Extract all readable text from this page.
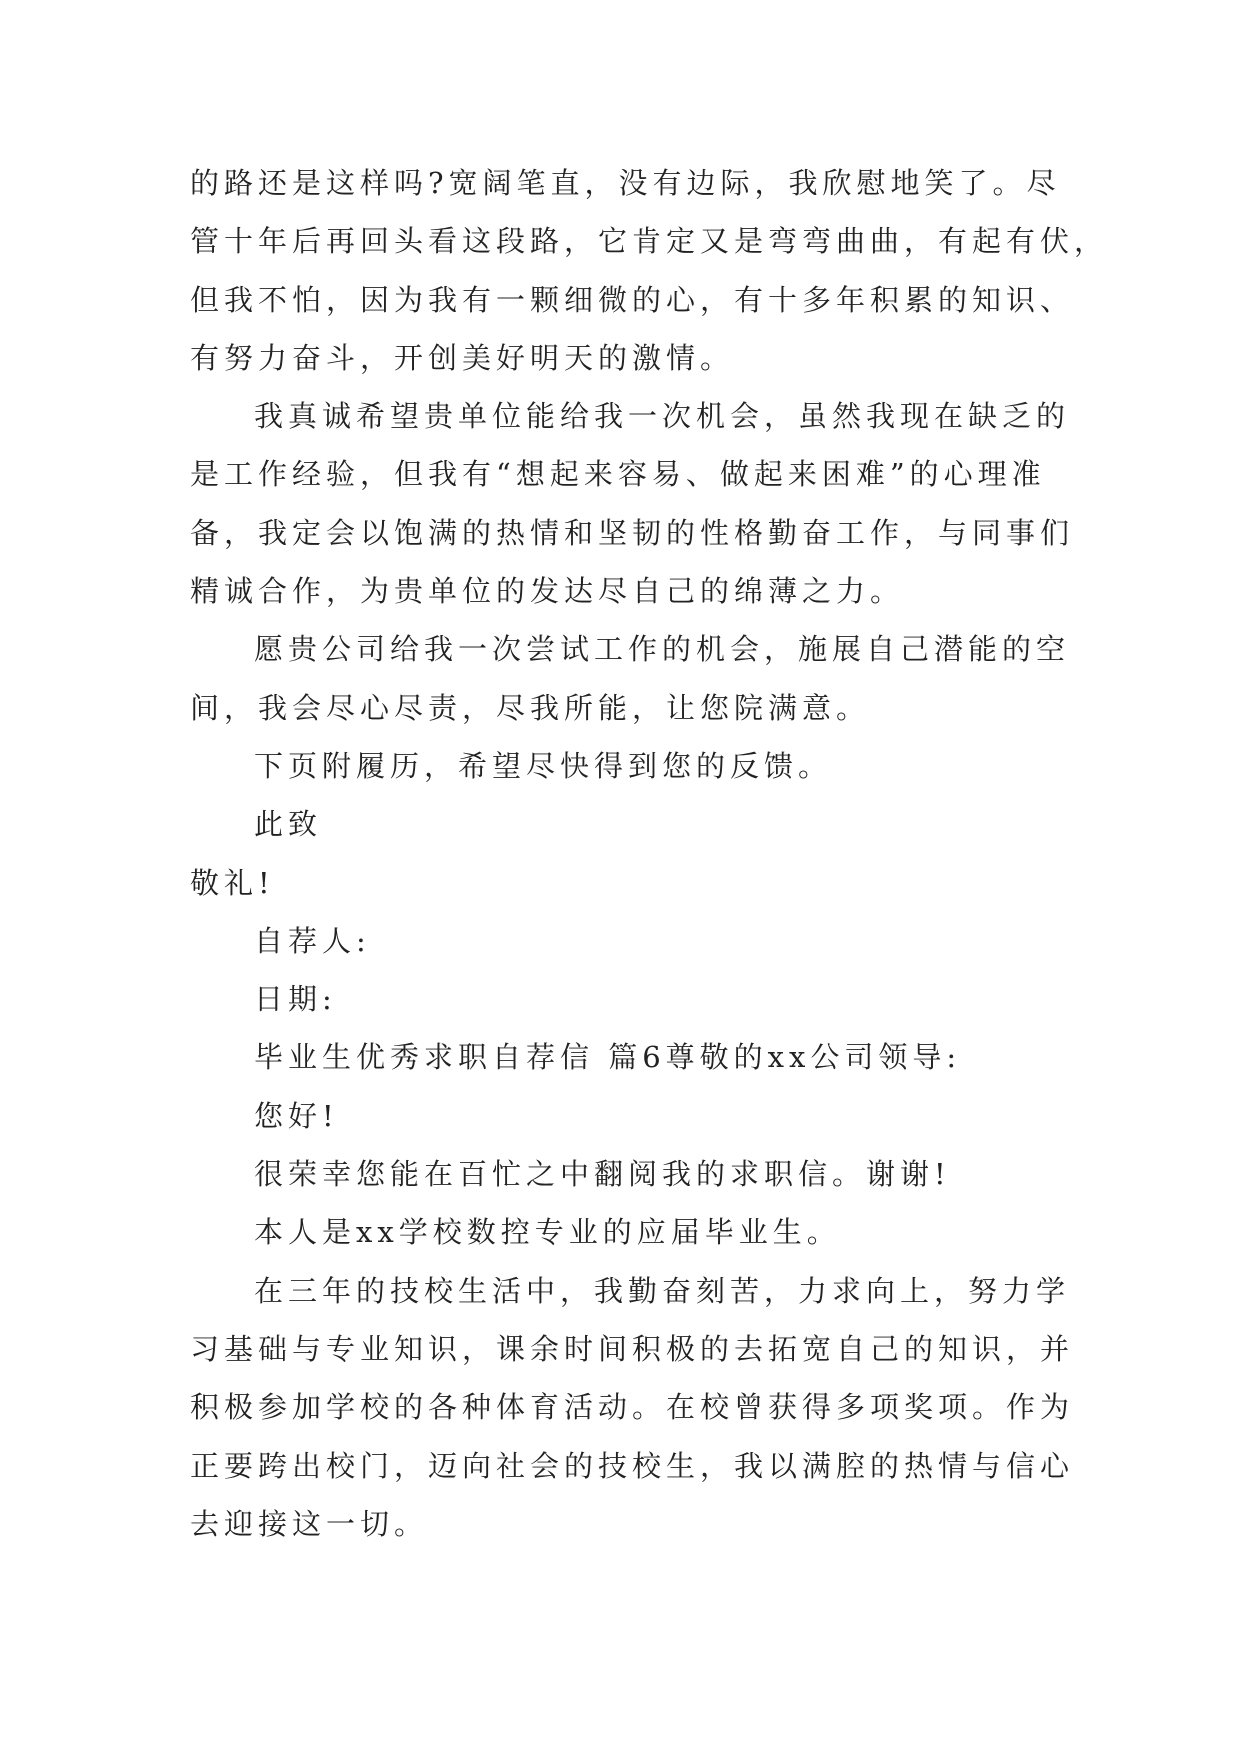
的路还是这样吗?宽阔笔直，没有边际，我欣慰地笑了。尽
管十年后再回头看这段路，它肯定又是弯弯曲曲，有起有伏，
但我不怕，因为我有一颗细微的心，有十多年积累的知识、
有努力奋斗，开创美好明天的激情。
我真诚希望贵单位能给我一次机会，虽然我现在缺乏的
是工作经验，但我有“想起来容易、做起来困难”的心理准
备，我定会以饱满的热情和坚韧的性格勤奋工作，与同事们
精诚合作，为贵单位的发达尽自己的绵薄之力。
愿贵公司给我一次尝试工作的机会，施展自己潜能的空
间，我会尽心尽责，尽我所能，让您院满意。
下页附履历，希望尽快得到您的反馈。
此致
敬礼!
自荐人:
日期:
毕业生优秀求职自荐信 篇6尊敬的xx公司领导:
您好!
很荣幸您能在百忙之中翻阅我的求职信。谢谢!
本人是xx学校数控专业的应届毕业生。
在三年的技校生活中，我勤奋刻苦，力求向上，努力学
习基础与专业知识，课余时间积极的去拓宽自己的知识，并
积极参加学校的各种体育活动。在校曾获得多项奖项。作为
正要跨出校门，迈向社会的技校生，我以满腔的热情与信心
去迎接这一切。
